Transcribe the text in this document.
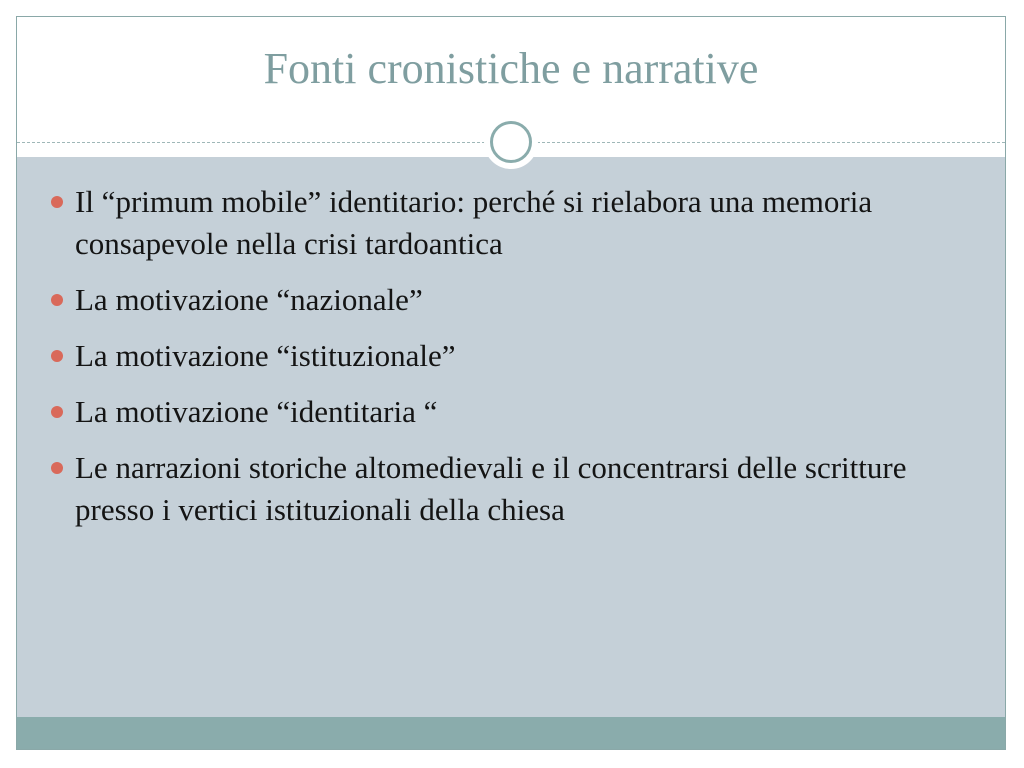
Fonti cronistiche e narrative
Il “primum mobile” identitario: perché si rielabora una memoria consapevole nella crisi tardoantica
La motivazione “nazionale”
La motivazione “istituzionale”
La motivazione “identitaria “
Le narrazioni storiche altomedievali e il concentrarsi delle scritture presso i vertici istituzionali della chiesa
